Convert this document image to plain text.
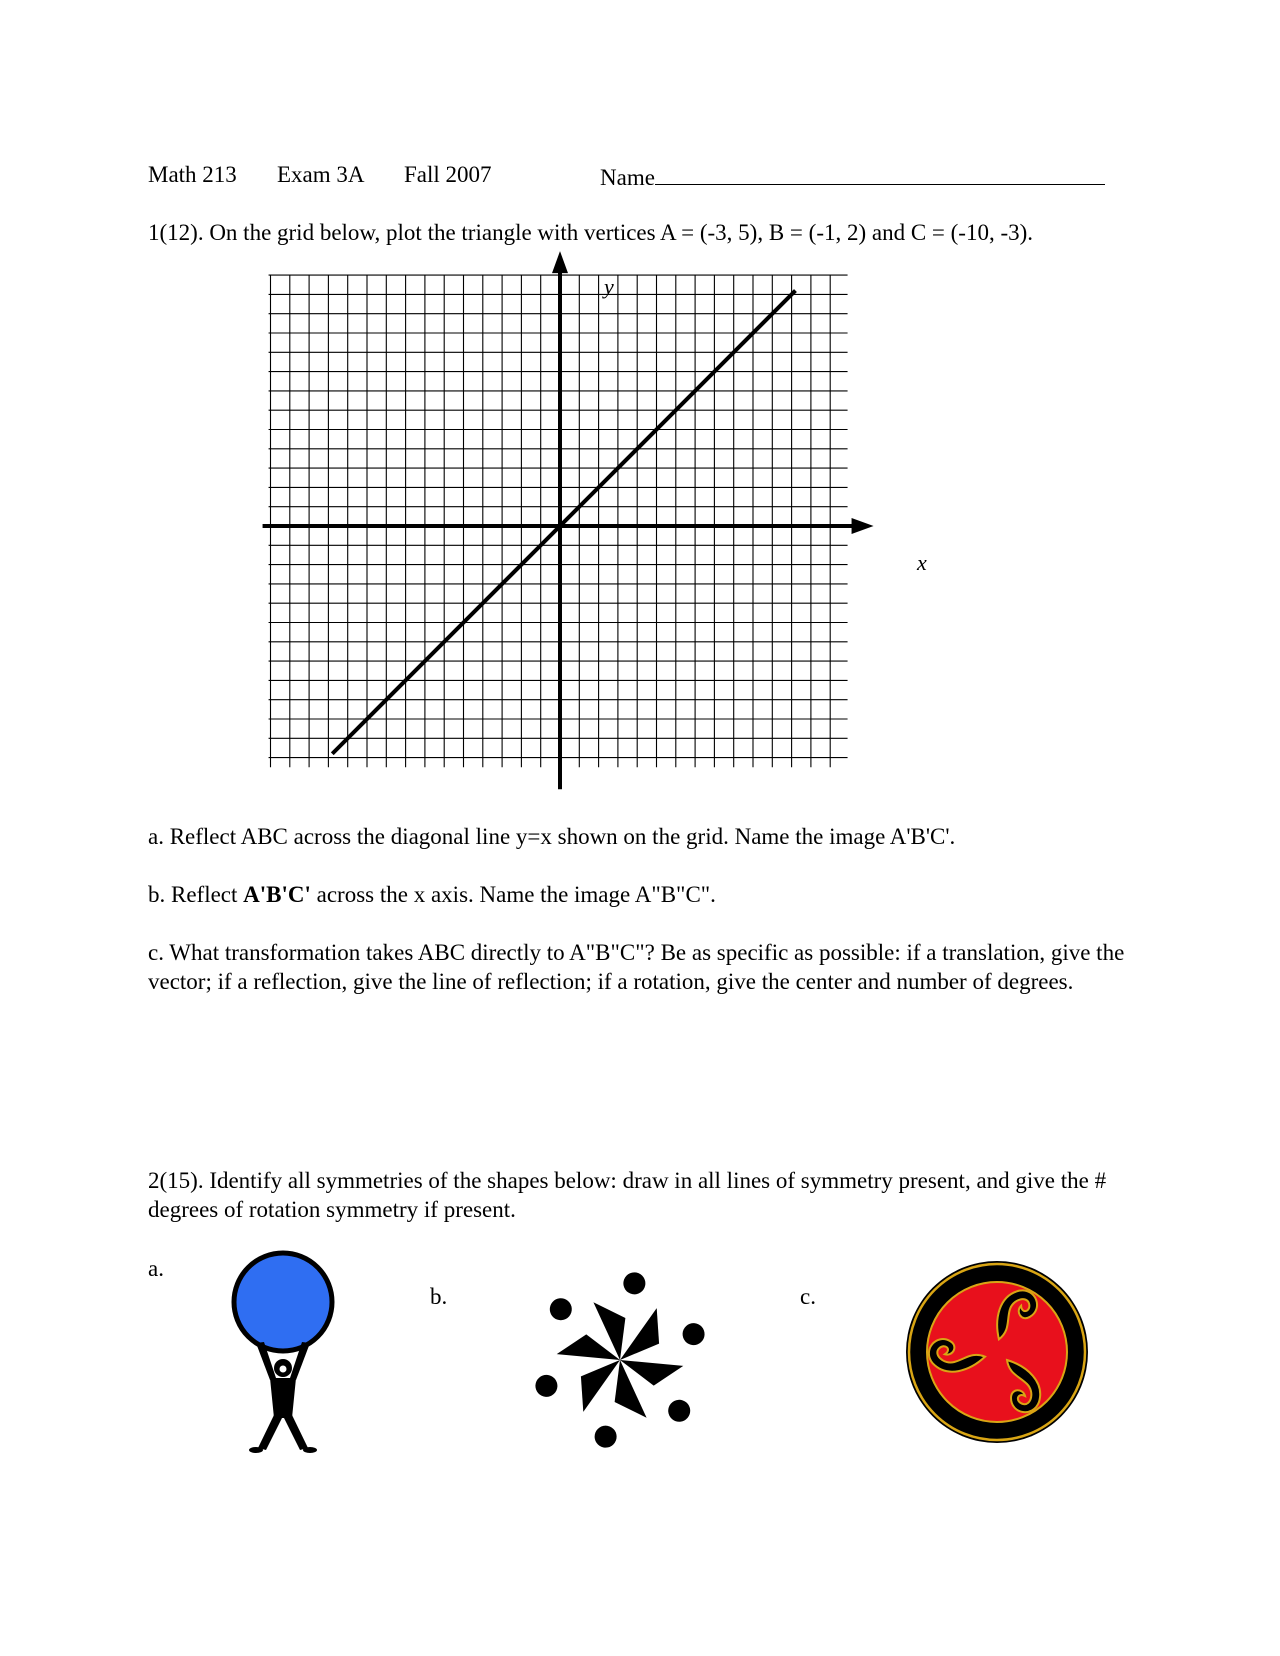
Math 213 Exam 3A Fall 2007	Name
1(12). On the grid below, plot the triangle with vertices A = (-3, 5), B = (-1, 2) and C = (-10, -3).
y
x
a. Reflect ABC across the diagonal line y=x shown on the grid. Name the image A'B'C'.
b. Reflect A'B'C' across the x axis. Name the image A"B"C".
c. What transformation takes ABC directly to A"B"C"? Be as specific as possible: if a translation, give the vector; if a reflection, give the line of reflection; if a rotation, give the center and number of degrees.
2(15). Identify all symmetries of the shapes below: draw in all lines of symmetry present, and give the # degrees of rotation symmetry if present.
a.
b.	c.
